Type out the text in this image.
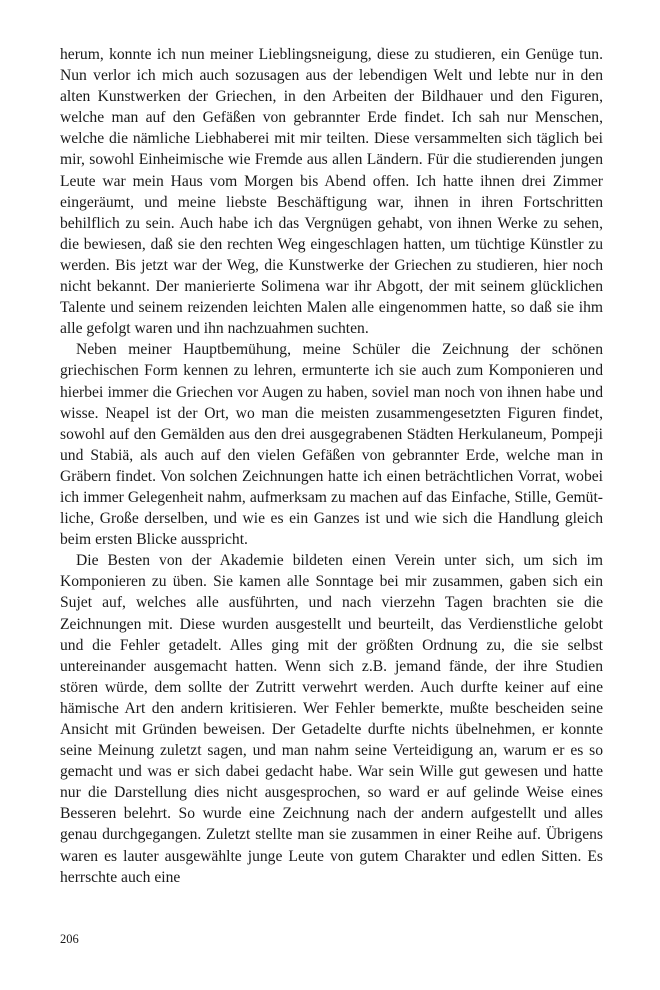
herum, konnte ich nun meiner Lieblingsneigung, diese zu studieren, ein Genüge tun. Nun verlor ich mich auch sozusagen aus der lebendigen Welt und lebte nur in den alten Kunstwerken der Griechen, in den Arbeiten der Bildhauer und den Figuren, welche man auf den Gefäßen von gebrannter Erde findet. Ich sah nur Menschen, welche die nämliche Liebhaberei mit mir teilten. Diese versammelten sich täglich bei mir, sowohl Einheimische wie Fremde aus allen Ländern. Für die studierenden jungen Leute war mein Haus vom Morgen bis Abend offen. Ich hatte ihnen drei Zimmer eingeräumt, und meine liebste Beschäftigung war, ihnen in ihren Fortschritten behilflich zu sein. Auch habe ich das Vergnügen gehabt, von ihnen Werke zu sehen, die bewiesen, daß sie den rechten Weg eingeschlagen hatten, um tüchtige Künstler zu werden. Bis jetzt war der Weg, die Kunstwerke der Griechen zu studieren, hier noch nicht bekannt. Der manierierte Solimena war ihr Abgott, der mit seinem glücklichen Talente und seinem reizenden leichten Malen alle eingenommen hatte, so daß sie ihm alle gefolgt waren und ihn nachzuahmen suchten.

Neben meiner Hauptbemühung, meine Schüler die Zeichnung der schönen griechischen Form kennen zu lehren, ermunterte ich sie auch zum Komponieren und hierbei immer die Griechen vor Augen zu haben, soviel man noch von ihnen habe und wisse. Neapel ist der Ort, wo man die meisten zusammengesetzten Figuren findet, sowohl auf den Gemälden aus den drei ausgegrabenen Städten Herkulaneum, Pompeji und Stabiä, als auch auf den vielen Gefäßen von gebrannter Erde, welche man in Gräbern findet. Von solchen Zeichnungen hatte ich einen beträchtlichen Vorrat, wobei ich immer Gelegenheit nahm, aufmerksam zu machen auf das Einfache, Stille, Gemütliche, Große derselben, und wie es ein Ganzes ist und wie sich die Handlung gleich beim ersten Blicke ausspricht.

Die Besten von der Akademie bildeten einen Verein unter sich, um sich im Komponieren zu üben. Sie kamen alle Sonntage bei mir zusammen, gaben sich ein Sujet auf, welches alle ausführten, und nach vierzehn Tagen brachten sie die Zeichnungen mit. Diese wurden ausgestellt und beurteilt, das Verdienstliche gelobt und die Fehler getadelt. Alles ging mit der größten Ordnung zu, die sie selbst untereinander ausgemacht hatten. Wenn sich z.B. jemand fände, der ihre Studien stören würde, dem sollte der Zutritt verwehrt werden. Auch durfte keiner auf eine hämische Art den andern kritisieren. Wer Fehler bemerkte, mußte bescheiden seine Ansicht mit Gründen beweisen. Der Getadelte durfte nichts übelnehmen, er konnte seine Meinung zuletzt sagen, und man nahm seine Verteidigung an, warum er es so gemacht und was er sich dabei gedacht habe. War sein Wille gut gewesen und hatte nur die Darstellung dies nicht ausgesprochen, so ward er auf gelinde Weise eines Besseren belehrt. So wurde eine Zeichnung nach der andern aufgestellt und alles genau durchgegangen. Zuletzt stellte man sie zusammen in einer Reihe auf. Übrigens waren es lauter ausgewählte junge Leute von gutem Charakter und edlen Sitten. Es herrschte auch eine

206
